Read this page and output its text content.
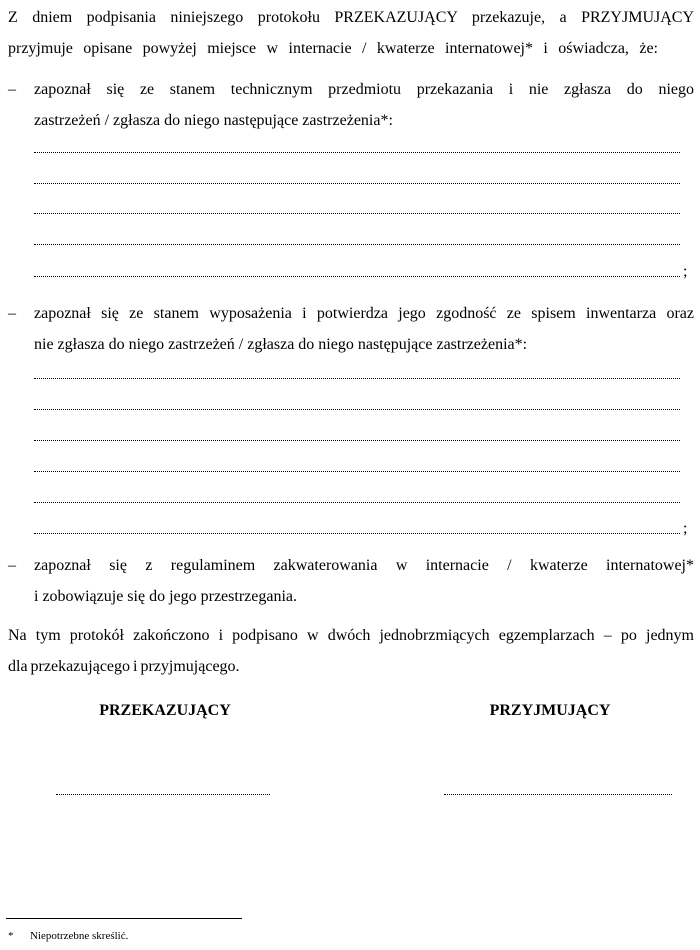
Z dniem podpisania niniejszego protokołu PRZEKAZUJĄCY przekazuje, a PRZYJMUJĄCY
przyjmuje opisane powyżej miejsce w internacie / kwaterze internatowej* i oświadcza, że:
– zapoznał się ze stanem technicznym przedmiotu przekazania i nie zgłasza do niego
zastrzeżeń / zgłasza do niego następujące zastrzeżenia*:
;
– zapoznał się ze stanem wyposażenia i potwierdza jego zgodność ze spisem inwentarza oraz
nie zgłasza do niego zastrzeżeń / zgłasza do niego następujące zastrzeżenia*:
;
– zapoznał się z regulaminem zakwaterowania w internacie / kwaterze internatowej*
i zobowiązuje się do jego przestrzegania.
Na tym protokół zakończono i podpisano w dwóch jednobrzmiących egzemplarzach – po jednym
dla przekazującego i przyjmującego.
PRZEKAZUJĄCY	PRZYJMUJĄCY
* Niepotrzebne skreślić.
